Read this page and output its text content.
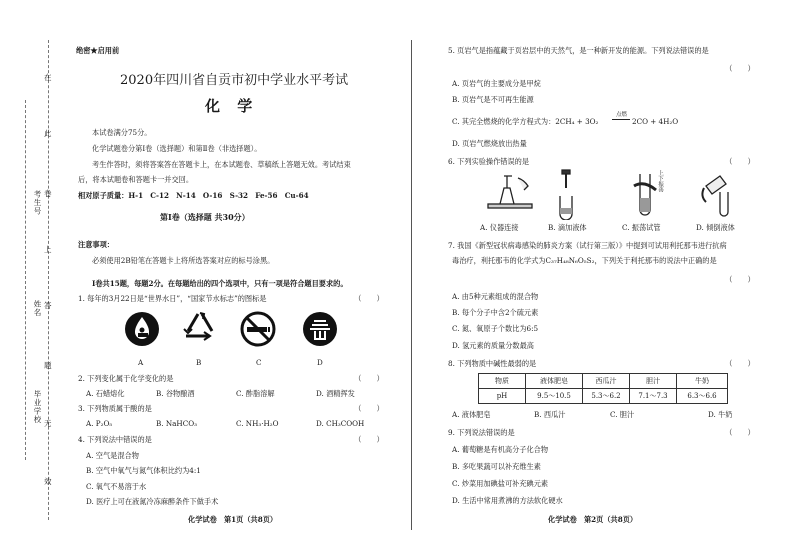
考生号
姓名
毕业学校
在
此
卷
上
答
题
无
效
绝密★启用前
2020年四川省自贡市初中学业水平考试
化 学
本试卷满分75分。
化学试题卷分第Ⅰ卷（选择题）和第Ⅱ卷（非选择题）。
考生作答时，须将答案答在答题卡上，在本试题卷、草稿纸上答题无效。考试结束
后，将本试题卷和答题卡一并交回。
相对原子质量：H-1　C-12　N-14　O-16　S-32　Fe-56　Cu-64
第Ⅰ卷（选择题 共30分）
注意事项：
必须使用2B铅笔在答题卡上将所选答案对应的标号涂黑。
Ⅰ卷共15题，每题2分。在每题给出的四个选项中，只有一项是符合题目要求的。
1. 每年的3月22日是“世界水日”，“国家节水标志”的图标是	（　　）
A	B	C	D
2. 下列变化属于化学变化的是	（　　）
A. 石蜡熔化	B. 谷物酿酒	C. 酢脂溶解	D. 酒精挥发
3. 下列物质属于酸的是	（　　）
A. P₂O₅	B. NaHCO₃	C. NH₃·H₂O	D. CH₃COOH
4. 下列说法中错误的是	（　　）
A. 空气是混合物
B. 空气中氧气与氮气体积比约为4:1
C. 氧气不易溶于水
D. 医疗上可在液氮冷冻麻醉条件下做手术
化学试卷　第1页（共8页）
5. 页岩气是指蕴藏于页岩层中的天然气，是一种新开发的能源。下列说法错误的是
（　　）
A. 页岩气的主要成分是甲烷
B. 页岩气是不可再生能源
C. 其完全燃烧的化学方程式为：2CH₄ + 3O₂
点燃
2CO + 4H₂O
D. 页岩气燃烧放出热量
6. 下列实验操作错误的是	（　　）
上下振荡
A. 仪器连接	B. 滴加液体	C. 振荡试管	D. 倾倒液体
7. 我国《新型冠状病毒感染的肺炎方案（试行第三版）》中提到可试用利托那韦进行抗病
毒治疗，利托那韦的化学式为C₃₇H₄₈N₆O₅S₂，下列关于利托那韦的说法中正确的是
（　　）
A. 由5种元素组成的混合物
B. 每个分子中含2个硫元素
C. 氮、氧原子个数比为6:5
D. 氢元素的质量分数最高
8. 下列物质中碱性最弱的是	（　　）
物质	液体肥皂	西瓜汁	胆汁	牛奶
pH	9.5～10.5	5.3～6.2	7.1～7.3	6.3～6.6
A. 液体肥皂	B. 西瓜汁	C. 胆汁	D. 牛奶
9. 下列说法错误的是	（　　）
A. 葡萄糖是有机高分子化合物
B. 多吃果蔬可以补充维生素
C. 炒菜用加碘盐可补充碘元素
D. 生活中常用煮沸的方法软化硬水
化学试卷　第2页（共8页）
